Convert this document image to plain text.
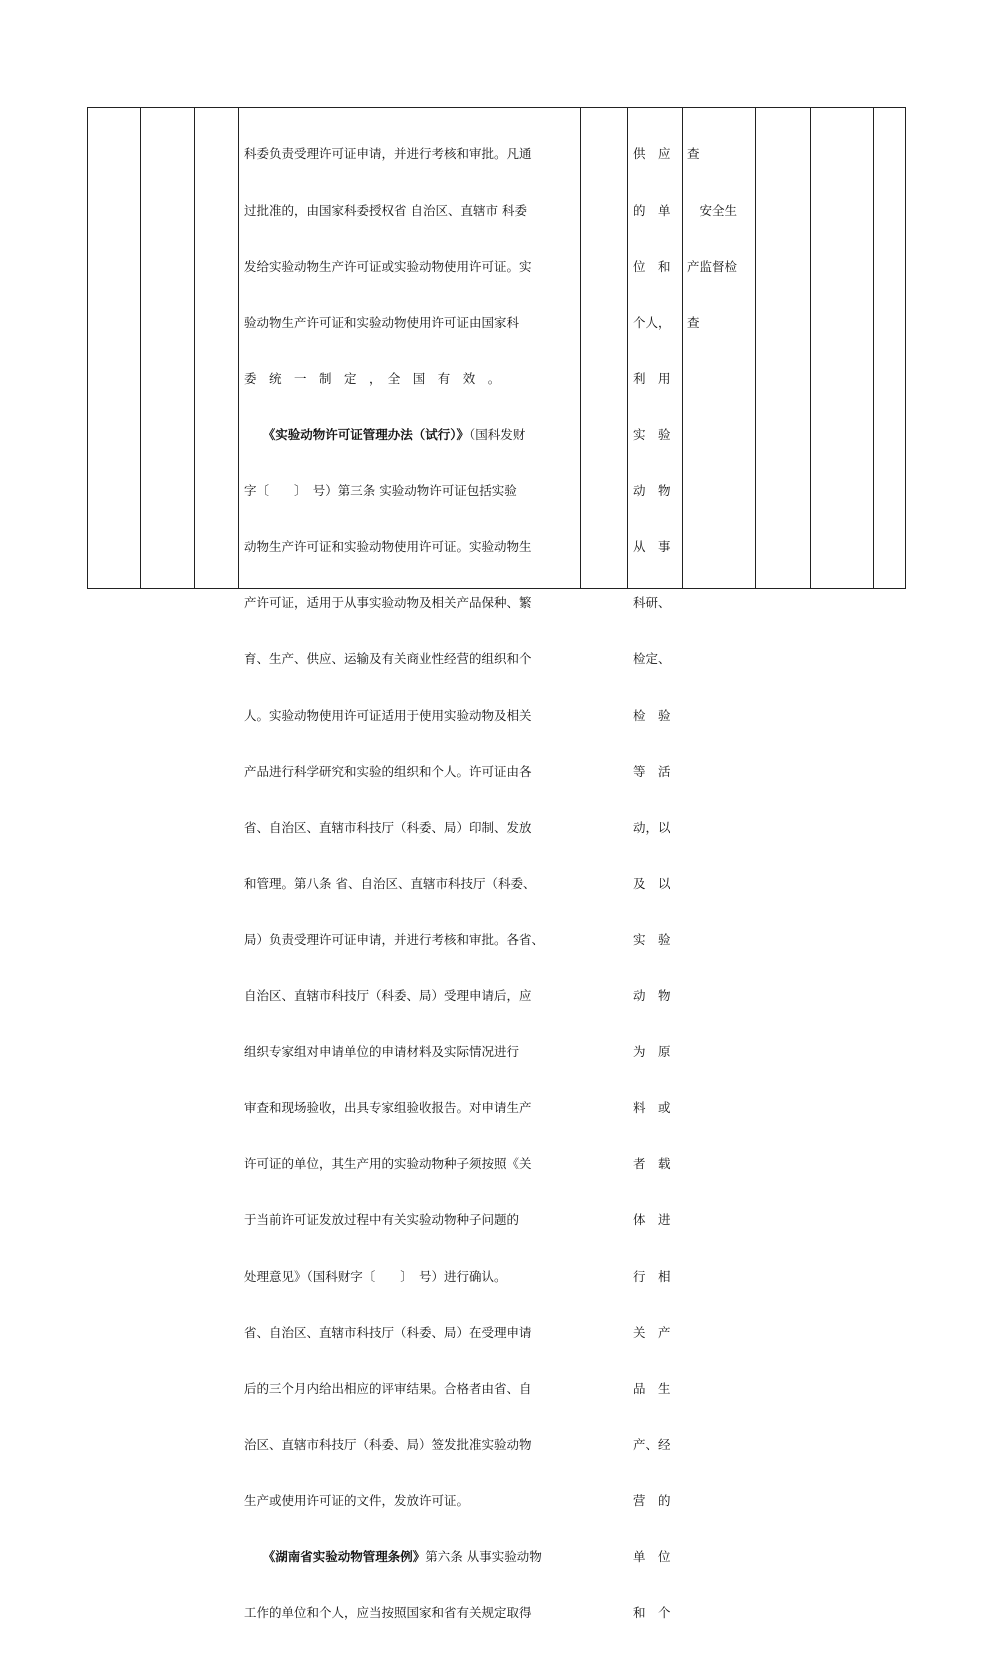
科委负责受理许可证申请，并进行考核和审批。凡通

过批准的，由国家科委授权省 自治区、直辖市 科委

发给实验动物生产许可证或实验动物使用许可证。实

验动物生产许可证和实验动物使用许可证由国家科

委　统　一　制　定　，　全　国　有　效　。

　　《实验动物许可证管理办法（试行）》（国科发财

字〔　　〕　号）第三条 实验动物许可证包括实验

动物生产许可证和实验动物使用许可证。实验动物生

产许可证，适用于从事实验动物及相关产品保种、繁

育、生产、供应、运输及有关商业性经营的组织和个

人。实验动物使用许可证适用于使用实验动物及相关

产品进行科学研究和实验的组织和个人。许可证由各

省、自治区、直辖市科技厅（科委、局）印制、发放

和管理。第八条 省、自治区、直辖市科技厅（科委、

局）负责受理许可证申请，并进行考核和审批。各省、

自治区、直辖市科技厅（科委、局）受理申请后，应

组织专家组对申请单位的申请材料及实际情况进行

审查和现场验收，出具专家组验收报告。对申请生产

许可证的单位，其生产用的实验动物种子须按照《关

于当前许可证发放过程中有关实验动物种子问题的

处理意见》（国科财字〔　　〕　号）进行确认。

省、自治区、直辖市科技厅（科委、局）在受理申请

后的三个月内给出相应的评审结果。合格者由省、自

治区、直辖市科技厅（科委、局）签发批准实验动物

生产或使用许可证的文件，发放许可证。

　　《湖南省实验动物管理条例》第六条 从事实验动物

工作的单位和个人，应当按照国家和省有关规定取得

供　应

的　单

位　和

个人，

利　用

实　验

动　物

从　事

科研、

检定、

检　验

等　活

动，以

及　以

实　验

动　物

为　原

料　或

者　载

体　进

行　相

关　产

品　生

产、经

营　的

单　位

和　个

查

　安全生

产监督检

查
